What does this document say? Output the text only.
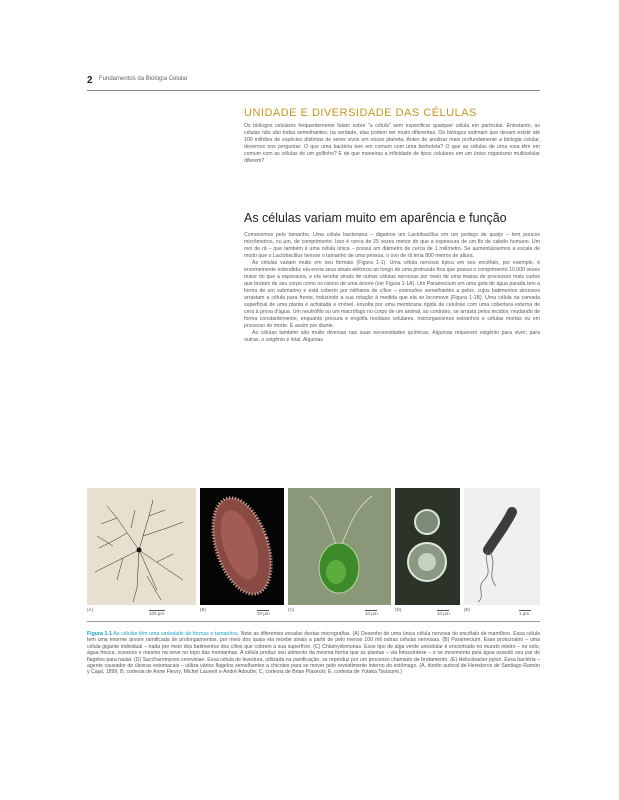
2 Fundamentos da Biologia Celular
UNIDADE E DIVERSIDADE DAS CÉLULAS

Os biólogos celulares frequentemente falam sobre "a célula" sem especificar qualquer célula em particular. Entretanto, as células não são todas semelhantes; na verdade, elas podem ser muito diferentes. Os biólogos estimam que devam existir até 100 milhões de espécies distintas de seres vivos em nosso planeta. Antes de analisar mais profundamente a biologia celular, devemos nos perguntar: O que uma bactéria tem em comum com uma borboleta? O que as células de uma rosa têm em comum com as células de um golfinho? E de que maneiras a infinidade de tipos celulares em um único organismo multicelular diferem?

As células variam muito em aparência e função

Comecemos pelo tamanho. Uma célula bacteriana – digamos um Lactobacillus em um pedaço de queijo – tem poucos micrômetros, ou μm, de comprimento. Isso é cerca de 25 vezes menor do que a espessura de um fio de cabelo humano. Um ovo de rã – que também é uma célula única – possui um diâmetro de cerca de 1 milímetro. Se aumentássemos a escala de modo que o Lactobacillus tivesse o tamanho de uma pessoa, o ovo de rã teria 800 metros de altura.

As células variam muito em seu formato (Figura 1-1). Uma célula nervosa típica em seu encéfalo, por exemplo, é enormemente estendida; ela envia seus sinais elétricos ao longo de uma protrusão fina que possui o comprimento 10.000 vezes maior do que a espessura, e ela recebe sinais de outras células nervosas por meio de uma massa de processos mais curtos que brotam de seu corpo como os ramos de uma árvore (ver Figura 1-1A). Um Paramecium em uma gota de água parada tem a forma de um submarino e está coberto por milhares de cílios – extensões semelhantes a pelos, cujos batimentos sinuosos arrastam a célula para frente, induzindo a sua rotação à medida que ela se locomove (Figura 1-1B). Uma célula na camada superficial de uma planta é achatada e imóvel, envolta por uma membrana rígida de celulose com uma cobertura externa de cera à prova d'água. Um neutrófilo ou um macrófago no corpo de um animal, ao contrário, se arrasta pelos tecidos, mudando de forma constantemente, enquanto procura e engolfa resíduos celulares, microrganismos estranhos e células mortas ou em processo de morte. E assim por diante.

As células também são muito diversas nas suas necessidades químicas. Algumas requerem oxigênio para viver; para outras, o oxigênio é letal. Algumas

(A)
100 μm
(B)
20 μm
(C)
10 μm
(D)
10 μm
(E)
1 μm
Figura 1-1 As células têm uma variedade de formas e tamanhos. Note as diferentes escalas destas micrografias. (A) Desenho de uma única célula nervosa do encéfalo de mamífero. Essa célula tem uma enorme árvore ramificada de prolongamentos, por meio dos quais ela recebe sinais a partir de pelo menos 100 mil outras células nervosas. (B) Paramecium. Esse protozoário – uma célula gigante individual – nada por meio dos batimentos dos cílios que cobrem a sua superfície. (C) Chlamydomonas. Esse tipo de alga verde unicelular é encontrado no mundo inteiro – no solo, água fresca, oceanos e mesmo na neve no topo das montanhas. A célula produz seu alimento da mesma forma que as plantas – via fotossíntese – e se movimenta pela água usando seu par de flagelos para nadar. (D) Saccharomyces cerevisiae. Essa célula de levedura, utilizada na panificação, se reproduz por um processo chamado de brotamento. (E) Helicobacter pylori. Essa bactéria – agente causador de úlceras estomacais – utiliza vários flagelos semelhantes a chicotes para se mover pelo revestimento interno do estômago. (A, direito autoral de Herederos de Santiago Ramón y Cajal, 1899; B, cortesia de Anne Fleury, Michel Laurent e André Adoutte; C, cortesia de Brian Piasecki; E, cortesia de Yutaka Tsutsumi.)
